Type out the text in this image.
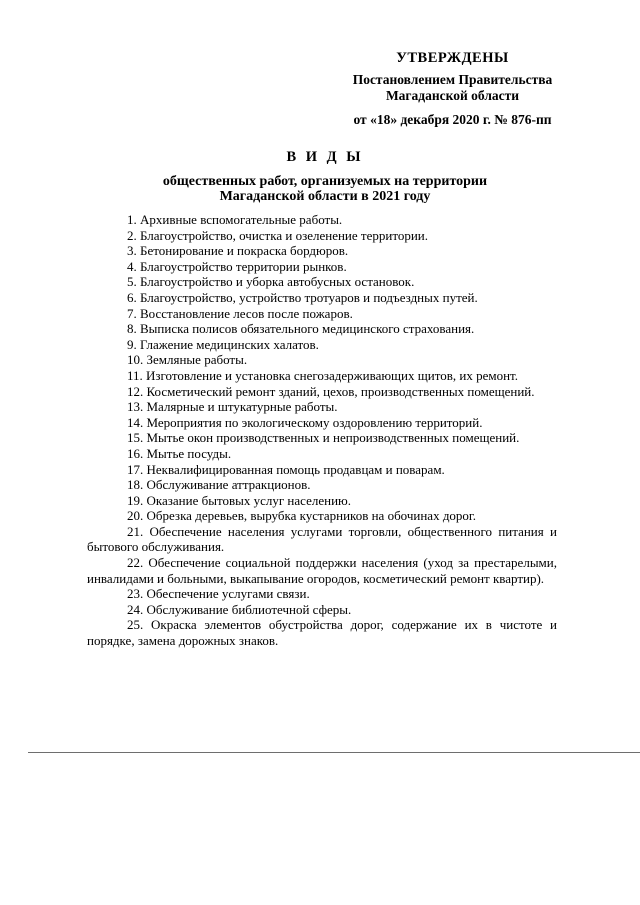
УТВЕРЖДЕНЫ
Постановлением Правительства
Магаданской области
от «18» декабря 2020 г. № 876-пп
В И Д Ы
общественных работ, организуемых на территории
Магаданской области в 2021 году
1. Архивные вспомогательные работы.
2. Благоустройство, очистка и озеленение территории.
3. Бетонирование и покраска бордюров.
4. Благоустройство территории рынков.
5. Благоустройство и уборка автобусных остановок.
6. Благоустройство, устройство тротуаров и подъездных путей.
7. Восстановление лесов после пожаров.
8. Выписка полисов обязательного медицинского страхования.
9. Глажение медицинских халатов.
10. Земляные работы.
11. Изготовление и установка снегозадерживающих щитов, их ремонт.
12. Косметический ремонт зданий, цехов, производственных помещений.
13. Малярные и штукатурные работы.
14. Мероприятия по экологическому оздоровлению территорий.
15. Мытье окон производственных и непроизводственных помещений.
16. Мытье посуды.
17. Неквалифицированная помощь продавцам и поварам.
18. Обслуживание аттракционов.
19. Оказание бытовых услуг населению.
20. Обрезка деревьев, вырубка кустарников на обочинах дорог.
21. Обеспечение населения услугами торговли, общественного питания и бытового обслуживания.
22. Обеспечение социальной поддержки населения (уход за престарелыми, инвалидами и больными, выкапывание огородов, косметический ремонт квартир).
23. Обеспечение услугами связи.
24. Обслуживание библиотечной сферы.
25. Окраска элементов обустройства дорог, содержание их в чистоте и порядке, замена дорожных знаков.
